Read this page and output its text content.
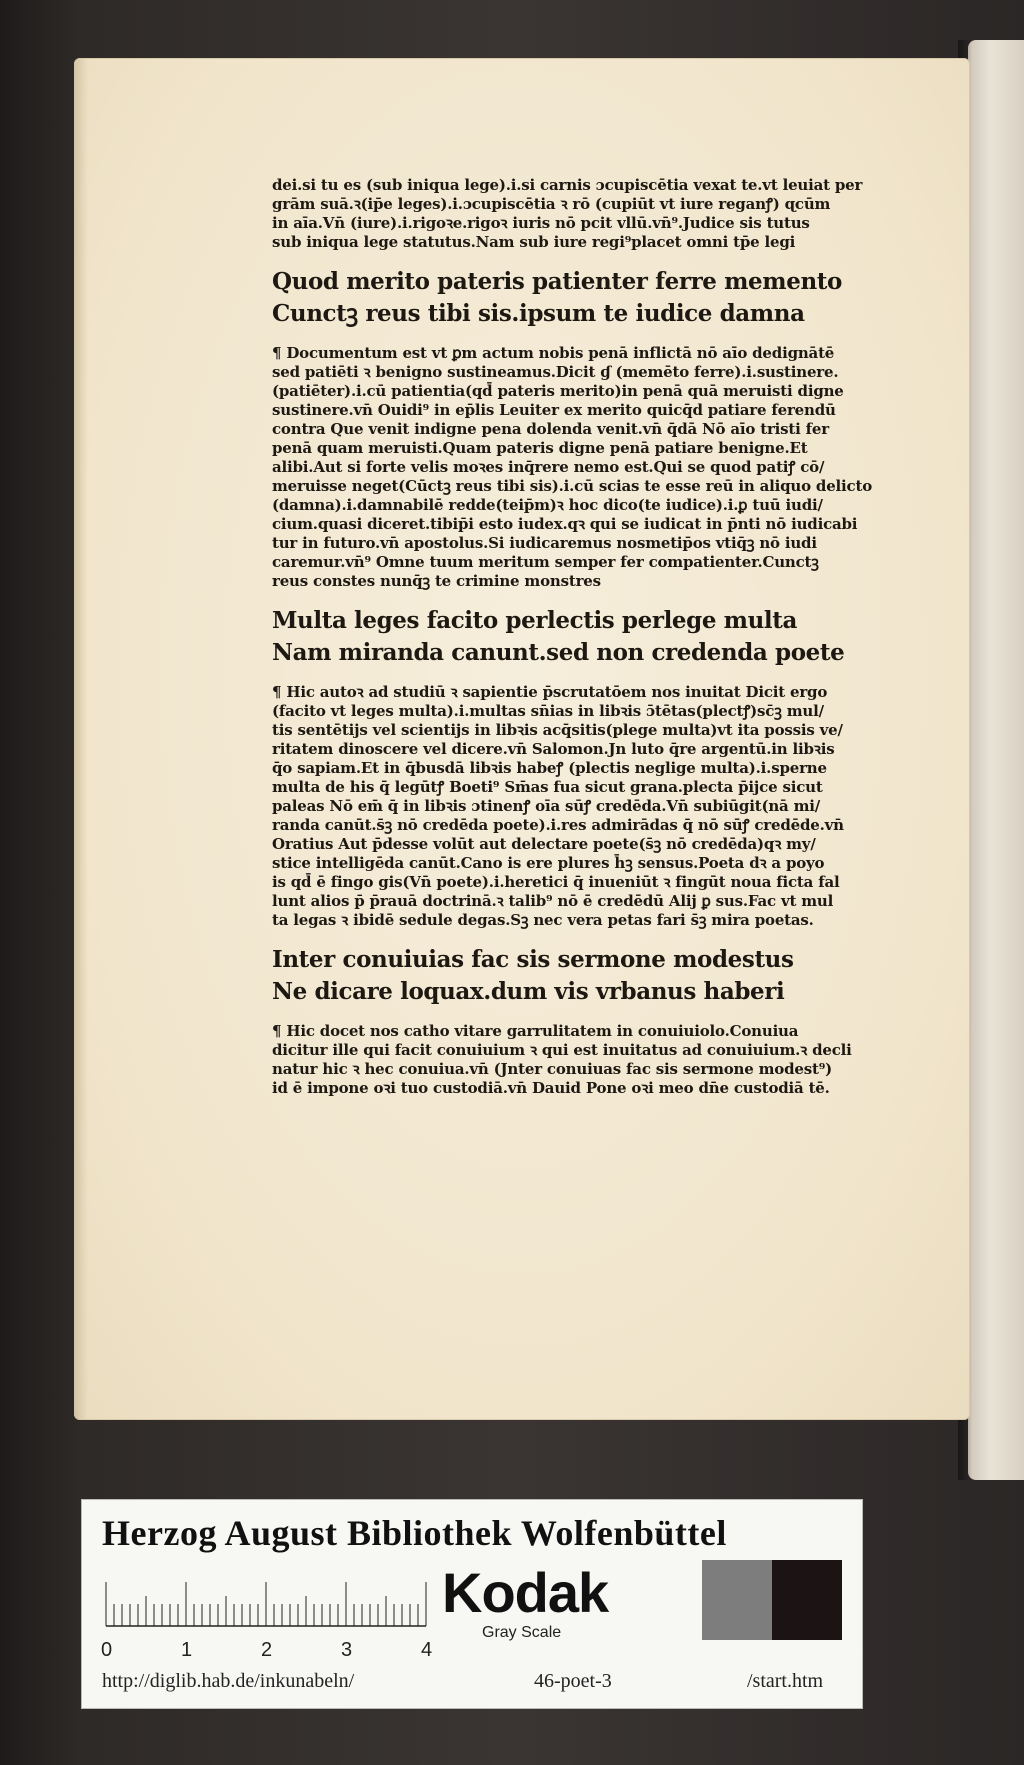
dei.si tu es (sub iniqua lege).i.si carnis ɔcupiscētia vexat te.vt leuiat per

grām suā.ꝛ(ip̄e leges).i.ɔcupiscētia ꝛ rō (cupiūt vt iure reganꝭ) ɋcūm

in aīa.Vn̄ (iure).i.rigoꝛe.rigoꝛ iuris nō pcit vllū.vn̄⁹.Judice sis tutus

sub iniqua lege statutus.Nam sub iure regi⁹placet omni tp̄e legi

Quod merito pateris patienter ferre memento

Cunctꝫ reus tibi sis.ipsum te iudice damna

¶ Documentum est vt ꝑm actum nobis penā inflictā nō aīo dedignātē

sed patiēti ꝛ benigno sustineamus.Dicit ɠ (memēto ferre).i.sustinere.

(patiēter).i.cū patientia(qd̄ pateris merito)in penā quā meruisti digne

sustinere.vn̄ Ouidi⁹ in ep̄lis Leuiter ex merito quicq̄d patiare ferendū

contra Que venit indigne pena dolenda venit.vn̄ q̄dā Nō aīo tristi fer

penā quam meruisti.Quam pateris digne penā patiare benigne.Et

alibi.Aut si forte velis moꝛes inq̄rere nemo est.Qui se quod patiꝭ cō/

meruisse neget(Cūctꝫ reus tibi sis).i.cū scias te esse reū in aliquo delicto

(damna).i.damnabilē redde(teip̄m)ꝛ hoc dico(te iudice).i.ꝑ tuū iudi/

cium.quasi diceret.tibip̄i esto iudex.qꝛ qui se iudicat in p̄nti nō iudicabi

tur in futuro.vn̄ apostolus.Si iudicaremus nosmetip̄os vtiq̄ꝫ nō iudi

caremur.vn̄⁹ Omne tuum meritum semper fer compatienter.Cunctꝫ

reus constes nunq̄ꝫ te crimine monstres

Multa leges facito perlectis perlege multa

Nam miranda canunt.sed non credenda poete

¶ Hic autoꝛ ad studiū ꝛ sapientie p̄scrutatōem nos inuitat Dicit ergo

(facito vt leges multa).i.multas sn̄ias in libꝛis ɔ̄tētas(plectꝭ)sc̄ꝫ mul/

tis sentētijs vel scientijs in libꝛis acq̄sitis(plege multa)vt ita possis ve/

ritatem dinoscere vel dicere.vn̄ Salomon.Jn luto q̄re argentū.in libꝛis

q̄o sapiam.Et in q̄busdā libꝛis habeꝭ (plectis neglige multa).i.sperne

multa de his q̄ legūtꝭ Boeti⁹ Sm̄as fua sicut grana.plecta p̄ijce sicut

paleas Nō em̄ q̄ in libꝛis ɔtinenꝭ oīa sūꝭ credēda.Vn̄ subiūgit(nā mi/

randa canūt.s̄ꝫ nō credēda poete).i.res admirādas q̄ nō sūꝭ credēde.vn̄

Oratius Aut p̄desse volūt aut delectare poete(s̄ꝫ nō credēda)qꝛ my/

stice intelligēda canūt.Cano is ere plures h̄ꝫ sensus.Poeta dꝛ a poyo

is qd̄ ē fingo gis(Vn̄ poete).i.heretici q̄ inueniūt ꝛ fingūt noua ficta fal

lunt alios p̄ p̄rauā doctrinā.ꝛ talib⁹ nō ē credēdū Alij ꝑ sus.Fac vt mul

ta legas ꝛ ibidē sedule degas.Sꝫ nec vera petas fari s̄ꝫ mira poetas.

Inter conuiuias fac sis sermone modestus

Ne dicare loquax.dum vis vrbanus haberi

¶ Hic docet nos catho vitare garrulitatem in conuiuiolo.Conuiua

dicitur ille qui facit conuiuium ꝛ qui est inuitatus ad conuiuium.ꝛ decli

natur hic ꝛ hec conuiua.vn̄ (Jnter conuiuas fac sis sermone modest⁹)

id ē impone oꝛi tuo custodiā.vn̄ Dauid Pone oꝛi meo dn̄e custodiā tē.

Herzog August Bibliothek Wolfenbüttel
0	1	2	3	4
Kodak
Gray Scale
http://diglib.hab.de/inkunabeln/	46-poet-3	/start.htm
